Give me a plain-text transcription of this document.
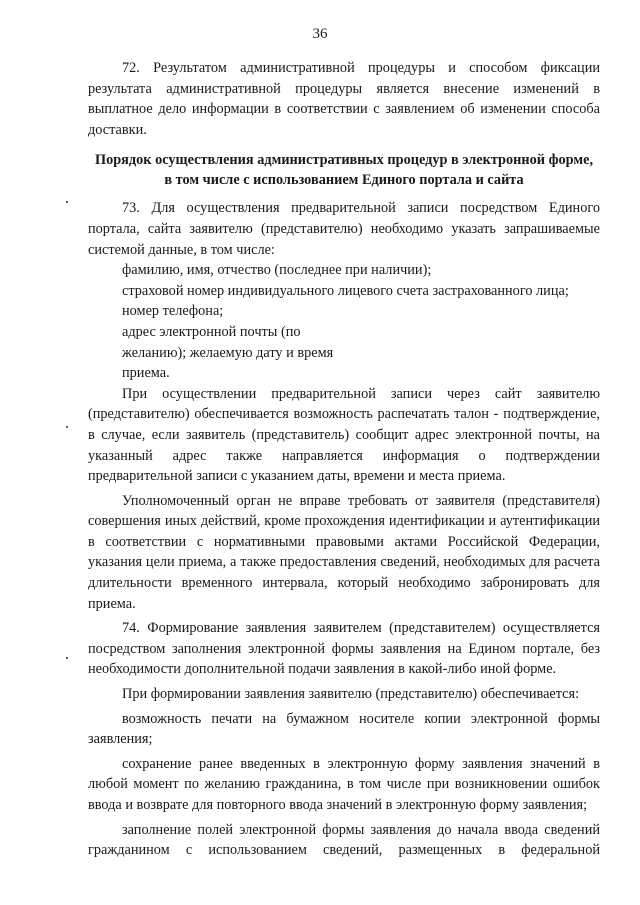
36

72. Результатом административной процедуры и способом фиксации результата административной процедуры является внесение изменений в выплатное дело информации в соответствии с заявлением об изменении способа доставки.

Порядок осуществления административных процедур в электронной форме,
в том числе с использованием Единого портала и сайта

73. Для осуществления предварительной записи посредством Единого портала, сайта заявителю (представителю) необходимо указать запрашиваемые системой данные, в том числе:

фамилию, имя, отчество (последнее при наличии);

страховой номер индивидуального лицевого счета застрахованного лица;

номер телефона;

адрес электронной почты (по

желанию); желаемую дату и время

приема.

При осуществлении предварительной записи через сайт заявителю (представителю) обеспечивается возможность распечатать талон - подтверждение, в случае, если заявитель (представитель) сообщит адрес электронной почты, на указанный адрес также направляется информация о подтверждении предварительной записи с указанием даты, времени и места приема.

Уполномоченный орган не вправе требовать от заявителя (представителя) совершения иных действий, кроме прохождения идентификации и аутентификации в соответствии с нормативными правовыми актами Российской Федерации, указания цели приема, а также предоставления сведений, необходимых для расчета длительности временного интервала, который необходимо забронировать для приема.

74. Формирование заявления заявителем (представителем) осуществляется посредством заполнения электронной формы заявления на Едином портале, без необходимости дополнительной подачи заявления в какой-либо иной форме.

При формировании заявления заявителю (представителю) обеспечивается:

возможность печати на бумажном носителе копии электронной формы заявления;

сохранение ранее введенных в электронную форму заявления значений в любой момент по желанию гражданина, в том числе при возникновении ошибок ввода и возврате для повторного ввода значений в электронную форму заявления;

заполнение полей электронной формы заявления до начала ввода сведений гражданином с использованием сведений, размещенных в федеральной
